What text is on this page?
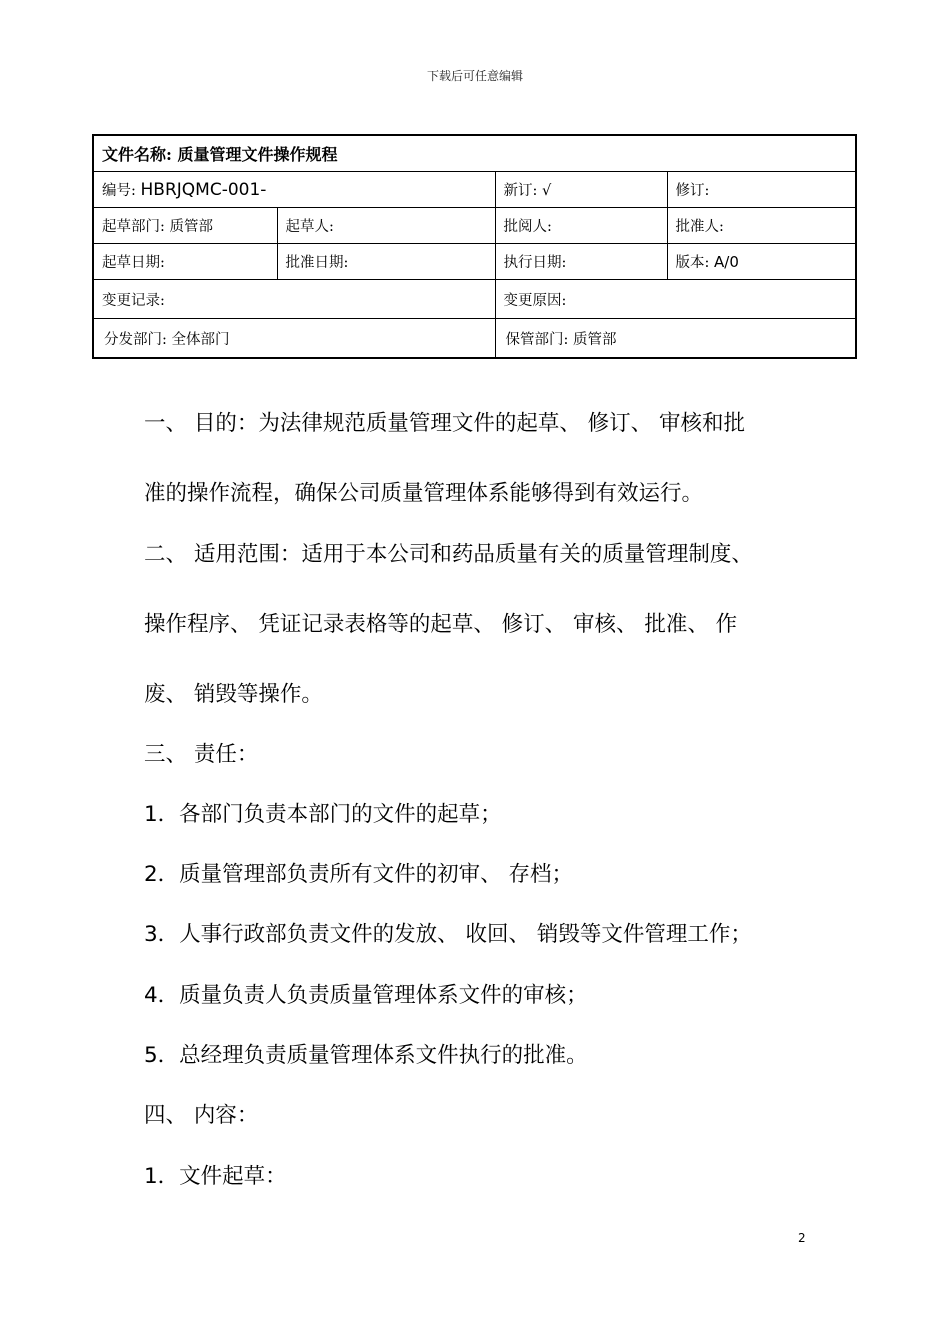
下载后可任意编辑
文件名称: 质量管理文件操作规程			
编号: HBRJQMC-001-		新订: √	修订:
起草部门: 质管部	起草人:	批阅人:	批准人:
起草日期:	批准日期:	执行日期:	版本: A/0
变更记录:		变更原因:	
分发部门: 全体部门		保管部门: 质管部	
一、 目的：为法律规范质量管理文件的起草、 修订、 审核和批
准的操作流程，确保公司质量管理体系能够得到有效运行。
二、 适用范围：适用于本公司和药品质量有关的质量管理制度、
操作程序、 凭证记录表格等的起草、 修订、 审核、 批准、 作
废、 销毁等操作。
三、 责任：
1．各部门负责本部门的文件的起草；
2．质量管理部负责所有文件的初审、 存档；
3．人事行政部负责文件的发放、 收回、 销毁等文件管理工作；
4．质量负责人负责质量管理体系文件的审核；
5．总经理负责质量管理体系文件执行的批准。
四、 内容：
1．文件起草：
2
